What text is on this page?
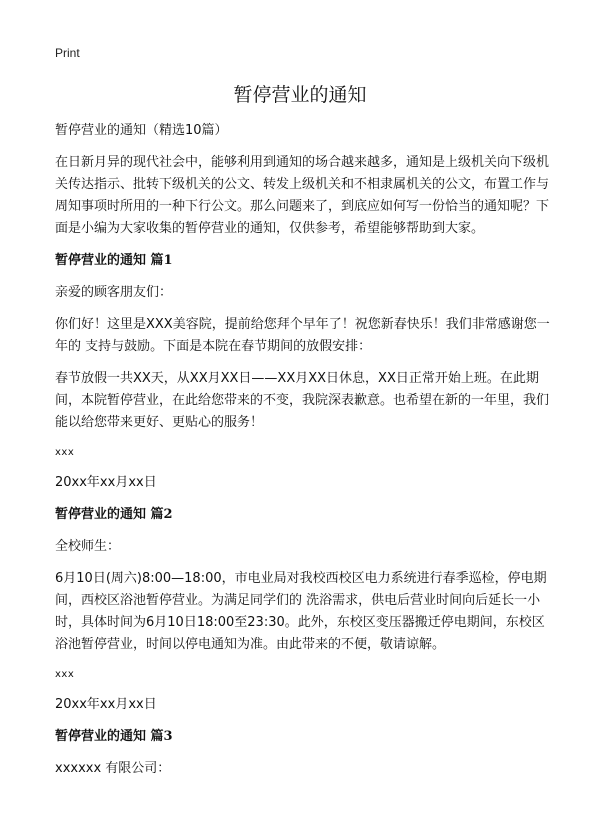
Print
暂停营业的通知

暂停营业的通知（精选10篇）

在日新月异的现代社会中，能够利用到通知的场合越来越多，通知是上级机关向下级机关传达指示、批转下级机关的公文、转发上级机关和不相隶属机关的公文，布置工作与周知事项时所用的一种下行公文。那么问题来了，到底应如何写一份恰当的通知呢？下面是小编为大家收集的暂停营业的通知，仅供参考，希望能够帮助到大家。

暂停营业的通知 篇1

亲爱的顾客朋友们：

你们好！这里是XXX美容院，提前给您拜个早年了！祝您新春快乐！我们非常感谢您一年的 支持与鼓励。下面是本院在春节期间的放假安排：

春节放假一共XX天，从XX月XX日——XX月XX日休息，XX日正常开始上班。在此期间，本院暂停营业，在此给您带来的不变，我院深表歉意。也希望在新的一年里，我们能以给您带来更好、更贴心的服务！

xxx

20xx年xx月xx日

暂停营业的通知 篇2

全校师生：

6月10日(周六)8:00—18:00，市电业局对我校西校区电力系统进行春季巡检，停电期间，西校区浴池暂停营业。为满足同学们的 洗浴需求，供电后营业时间向后延长一小时，具体时间为6月10日18:00至23:30。此外，东校区变压器搬迁停电期间，东校区浴池暂停营业，时间以停电通知为准。由此带来的不便，敬请谅解。

xxx

20xx年xx月xx日

暂停营业的通知 篇3

xxxxxx 有限公司：
